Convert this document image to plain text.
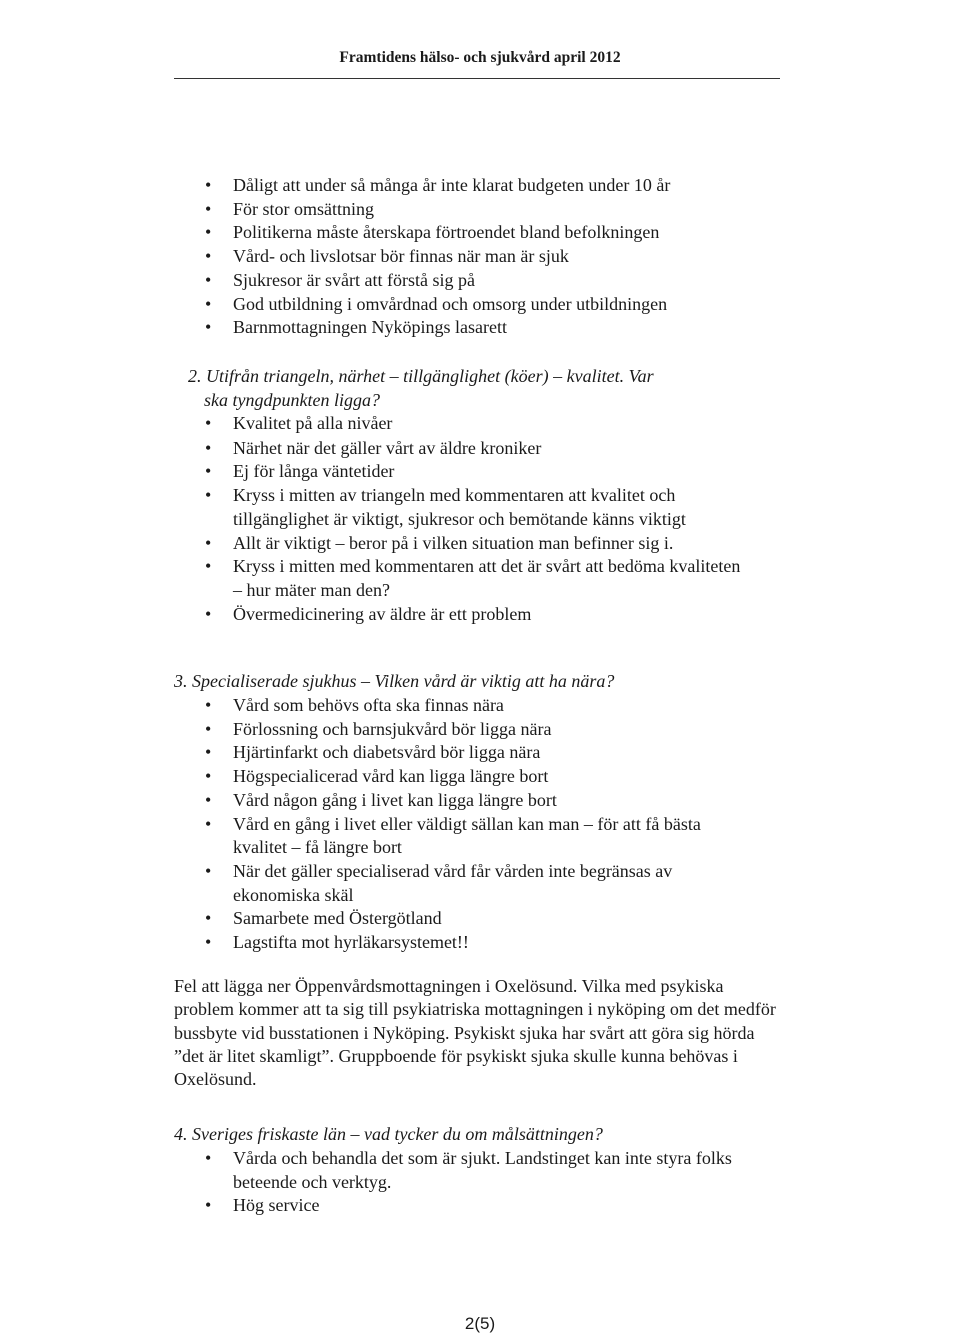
Framtidens hälso- och sjukvård april 2012
• Dåligt att under så många år inte klarat budgeten under 10 år
• För stor omsättning
• Politikerna måste återskapa förtroendet bland befolkningen
• Vård- och livslotsar bör finnas när man är sjuk
• Sjukresor är svårt att förstå sig på
• God utbildning i omvårdnad och omsorg under utbildningen
• Barnmottagningen Nyköpings lasarett
2. Utifrån triangeln, närhet – tillgänglighet (köer) – kvalitet. Var
ska tyngdpunkten ligga?
• Kvalitet på alla nivåer
• Närhet när det gäller vårt av äldre kroniker
• Ej för långa väntetider
• Kryss i mitten av triangeln med kommentaren att kvalitet och tillgänglighet är viktigt, sjukresor och bemötande känns viktigt
• Allt är viktigt – beror på i vilken situation man befinner sig i.
• Kryss i mitten med kommentaren att det är svårt att bedöma kvaliteten – hur mäter man den?
• Övermedicinering av äldre är ett problem
3. Specialiserade sjukhus – Vilken vård är viktig att ha nära?
• Vård som behövs ofta ska finnas nära
• Förlossning och barnsjukvård bör ligga nära
• Hjärtinfarkt och diabetsvård bör ligga nära
• Högspecialicerad vård kan ligga längre bort
• Vård någon gång i livet kan ligga längre bort
• Vård en gång i livet eller väldigt sällan kan man – för att få bästa kvalitet – få längre bort
• När det gäller specialiserad vård får vården inte begränsas av ekonomiska skäl
• Samarbete med Östergötland
• Lagstifta mot hyrläkarsystemet!!
Fel att lägga ner Öppenvårdsmottagningen i Oxelösund. Vilka med psykiska problem kommer att ta sig till psykiatriska mottagningen i nyköping om det medför bussbyte vid busstationen i Nyköping. Psykiskt sjuka har svårt att göra sig hörda ”det är litet skamligt”. Gruppboende för psykiskt sjuka skulle kunna behövas i Oxelösund.
4. Sveriges friskaste län – vad tycker du om målsättningen?
• Vårda och behandla det som är sjukt. Landstinget kan inte styra folks beteende och verktyg.
• Hög service
2(5)
